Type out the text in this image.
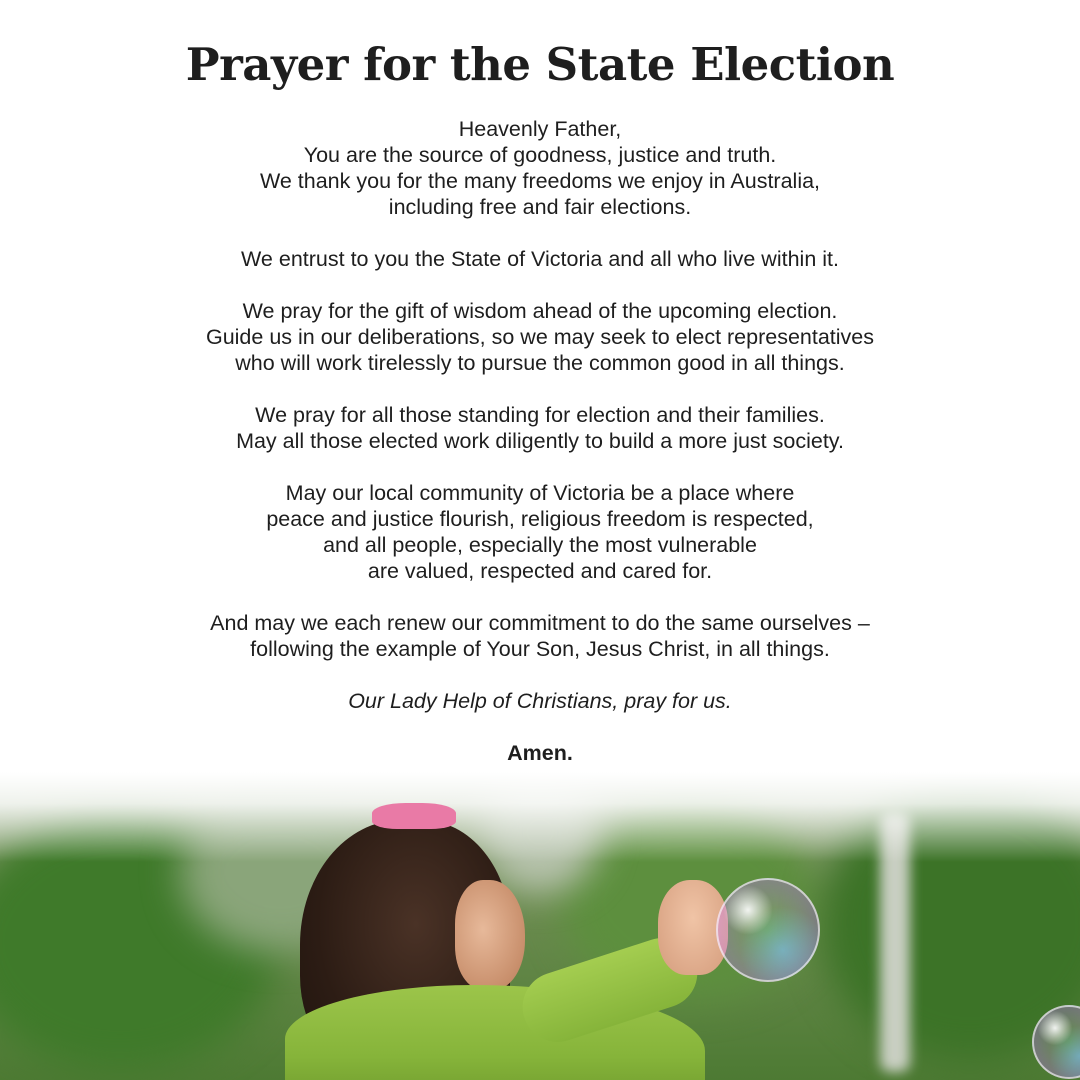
Prayer for the State Election
Heavenly Father,
You are the source of goodness, justice and truth.
We thank you for the many freedoms we enjoy in Australia,
including free and fair elections.
We entrust to you the State of Victoria and all who live within it.
We pray for the gift of wisdom ahead of the upcoming election.
Guide us in our deliberations, so we may seek to elect representatives
who will work tirelessly to pursue the common good in all things.
We pray for all those standing for election and their families.
May all those elected work diligently to build a more just society.
May our local community of Victoria be a place where
peace and justice flourish, religious freedom is respected,
and all people, especially the most vulnerable
are valued, respected and cared for.
And may we each renew our commitment to do the same ourselves –
following the example of Your Son, Jesus Christ, in all things.
Our Lady Help of Christians, pray for us.
Amen.
